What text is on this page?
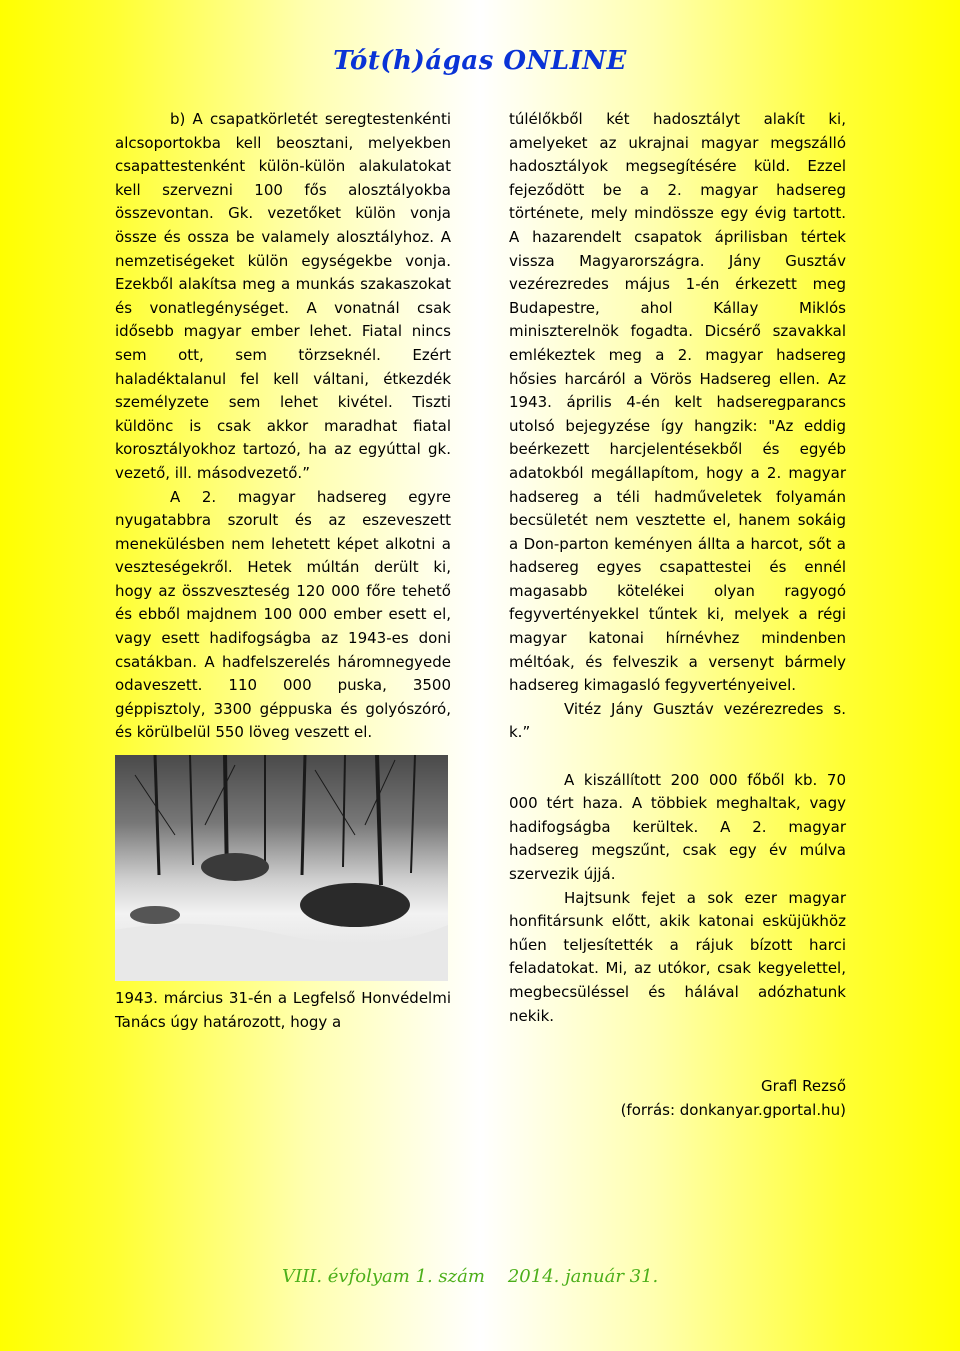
Tót(h)ágas ONLINE

b) A csapatkörletét seregtestenkénti alcsoportokba kell beosztani, melyekben csapattestenként külön-külön alakulatokat kell szervezni 100 fős alosztályokba összevontan. Gk. vezetőket külön vonja össze és ossza be valamely alosztályhoz. A nemzetiségeket külön egységekbe vonja. Ezekből alakítsa meg a munkás szakaszokat és vonatlegénységet. A vonatnál csak idősebb magyar ember lehet. Fiatal nincs sem ott, sem törzseknél. Ezért haladéktalanul fel kell váltani, étkezdék személyzete sem lehet kivétel. Tiszti küldönc is csak akkor maradhat fiatal korosztályokhoz tartozó, ha az egyúttal gk. vezető, ill. másodvezető.”

A 2. magyar hadsereg egyre nyugatabbra szorult és az eszeveszett menekülésben nem lehetett képet alkotni a veszteségekről. Hetek múltán derült ki, hogy az összveszteség 120 000 főre tehető és ebből majdnem 100 000 ember esett el, vagy esett hadifogságba az 1943-es doni csatákban. A hadfelszerelés háromnegyede odaveszett. 110 000 puska, 3500 géppisztoly, 3300 géppuska és golyószóró, és körülbelül 550 löveg veszett el.

1943. március 31-én a Legfelső Honvédelmi Tanács úgy határozott, hogy a

túlélőkből két hadosztályt alakít ki, amelyeket az ukrajnai magyar megszálló hadosztályok megsegítésére küld. Ezzel fejeződött be a 2. magyar hadsereg története, mely mindössze egy évig tartott. A hazarendelt csapatok áprilisban tértek vissza Magyarországra. Jány Gusztáv vezérezredes május 1-én érkezett meg Budapestre, ahol Kállay Miklós miniszterelnök fogadta. Dicsérő szavakkal emlékeztek meg a 2. magyar hadsereg hősies harcáról a Vörös Hadsereg ellen. Az 1943. április 4-én kelt hadseregparancs utolsó bejegyzése így hangzik: "Az eddig beérkezett harcjelentésekből és egyéb adatokból megállapítom, hogy a 2. magyar hadsereg a téli hadműveletek folyamán becsületét nem vesztette el, hanem sokáig a Don-parton keményen állta a harcot, sőt a hadsereg egyes csapattestei és ennél magasabb kötelékei olyan ragyogó fegyvertényekkel tűntek ki, melyek a régi magyar katonai hírnévhez mindenben méltóak, és felveszik a versenyt bármely hadsereg kimagasló fegyvertényeivel.

Vitéz Jány Gusztáv vezérezredes s. k.”

A kiszállított 200 000 főből kb. 70 000 tért haza. A többiek meghaltak, vagy hadifogságba kerültek. A 2. magyar hadsereg megszűnt, csak egy év múlva szervezik újjá.

Hajtsunk fejet a sok ezer magyar honfitársunk előtt, akik katonai esküjükhöz hűen teljesítették a rájuk bízott harci feladatokat. Mi, az utókor, csak kegyelettel, megbecsüléssel és hálával adózhatunk nekik.

Grafl Rezső

(forrás: donkanyar.gportal.hu)

VIII. évfolyam 1. szám    2014. január 31.
